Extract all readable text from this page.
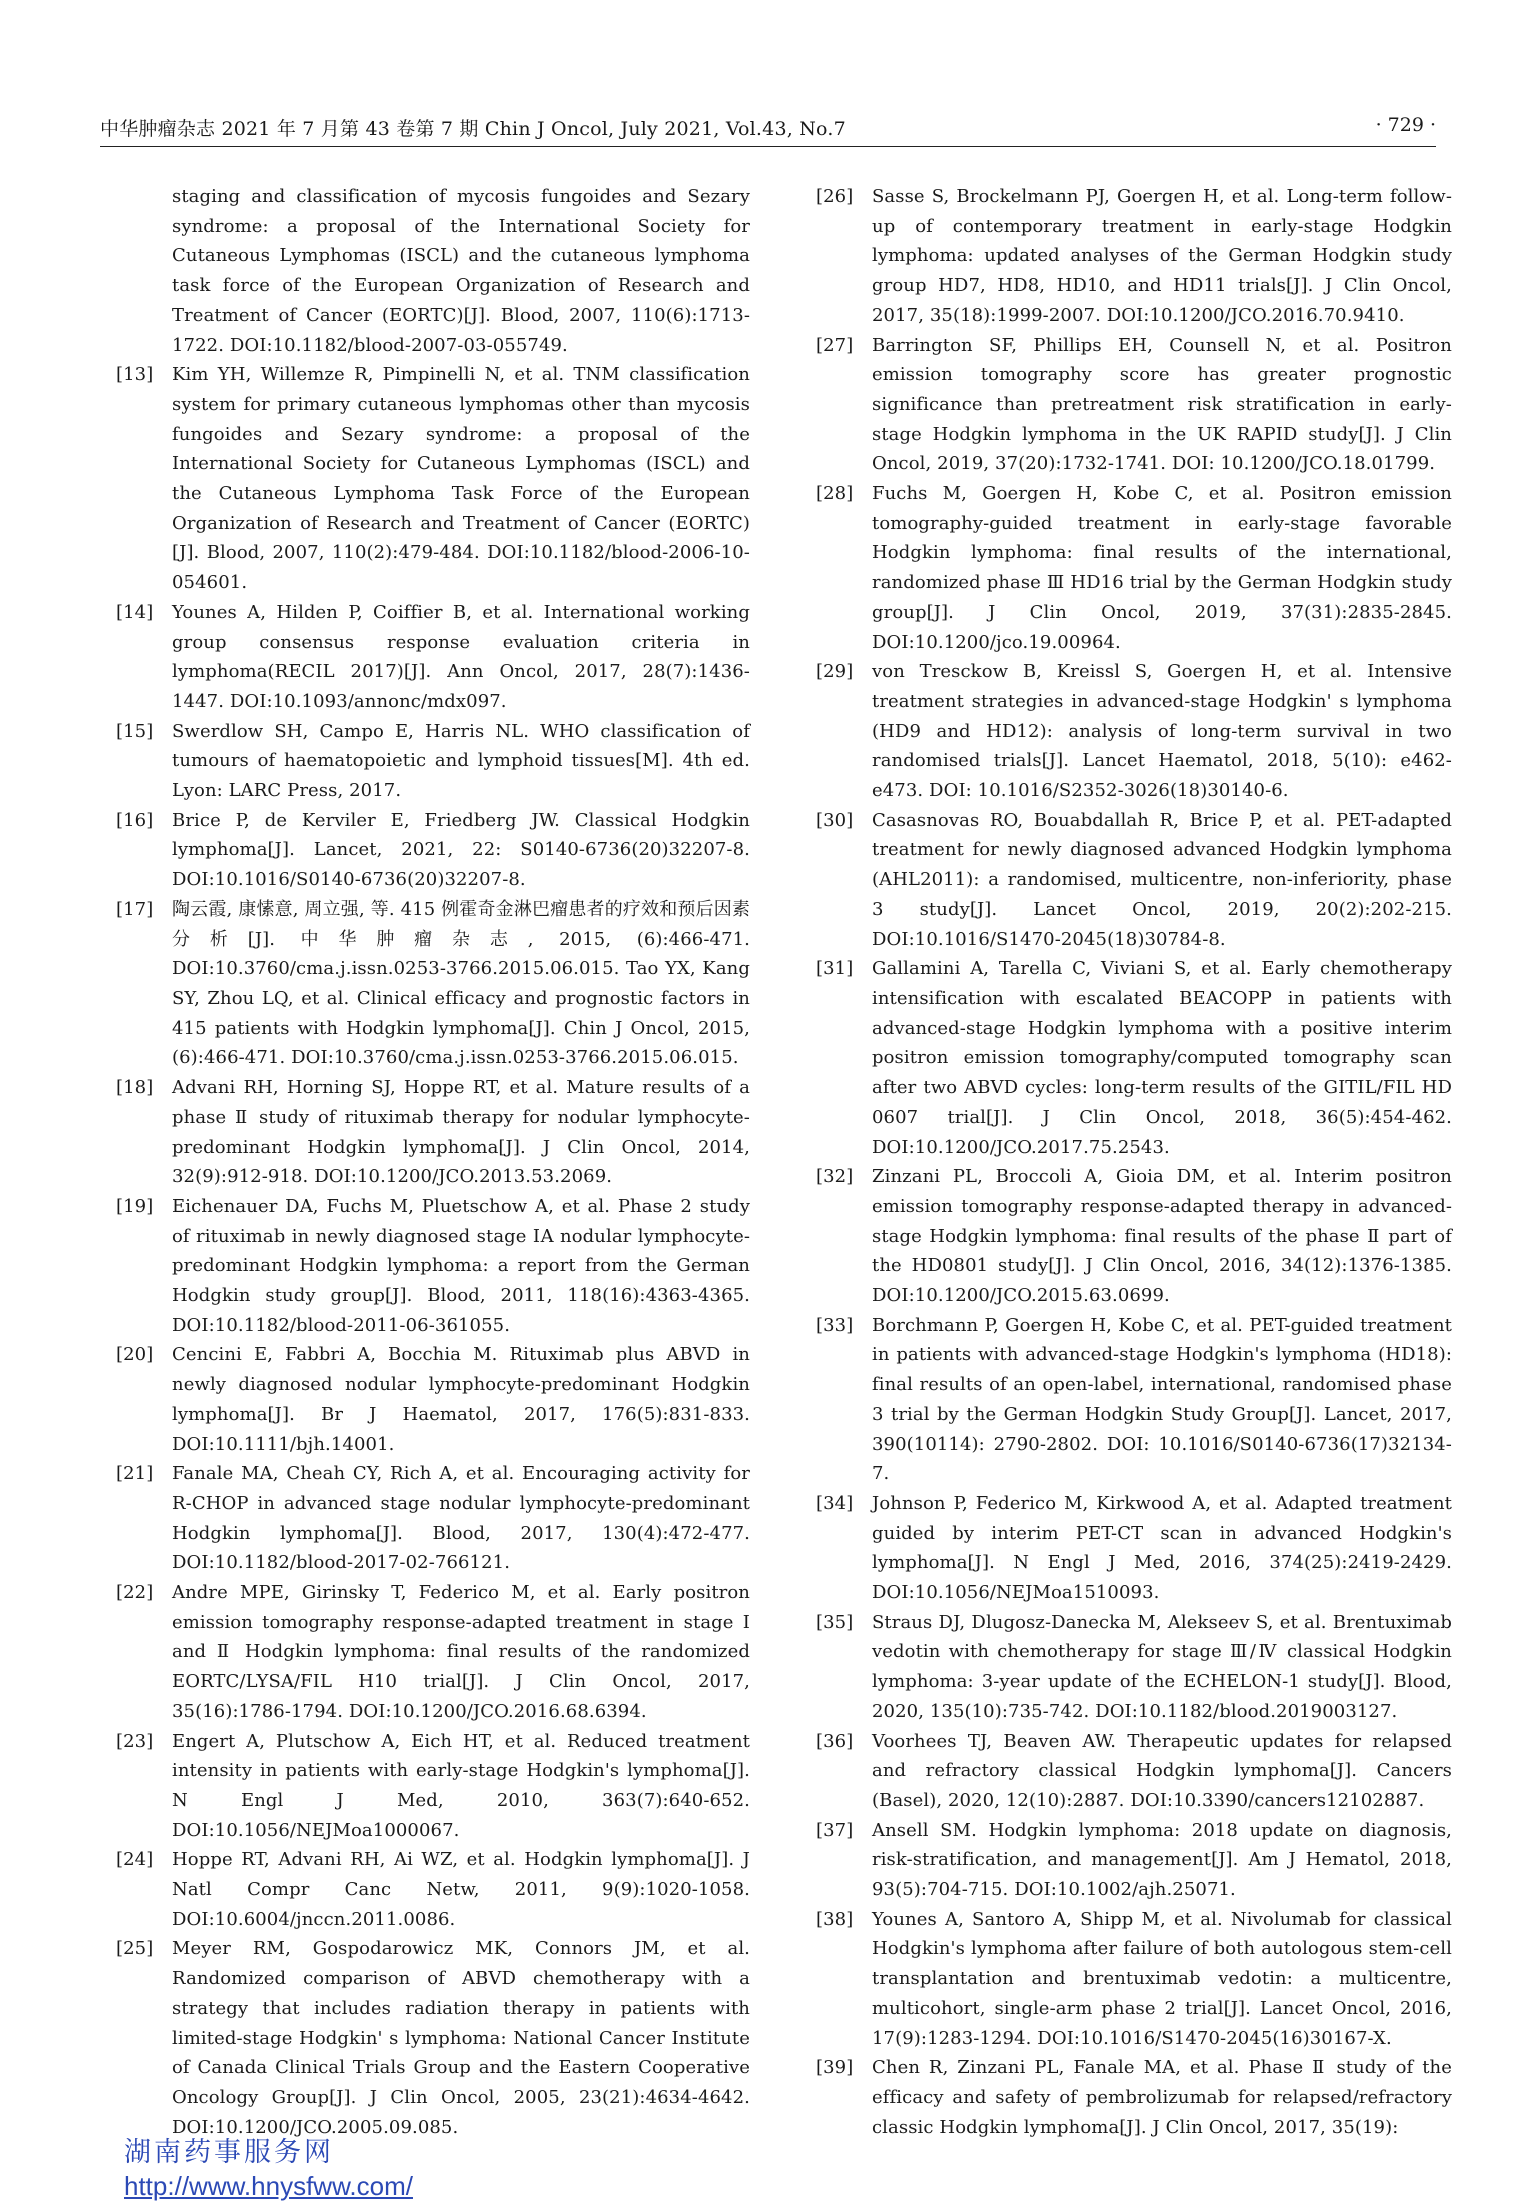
中华肿瘤杂志 2021 年 7 月第 43 卷第 7 期 Chin J Oncol, July 2021, Vol.43, No.7	· 729 ·

staging and classification of mycosis fungoides and Sezary syndrome: a proposal of the International Society for Cutaneous Lymphomas (ISCL) and the cutaneous lymphoma task force of the European Organization of Research and Treatment of Cancer (EORTC)[J]. Blood, 2007, 110(6):1713-1722. DOI:10.1182/blood-2007-03-055749.

[13] Kim YH, Willemze R, Pimpinelli N, et al. TNM classification system for primary cutaneous lymphomas other than mycosis fungoides and Sezary syndrome: a proposal of the International Society for Cutaneous Lymphomas (ISCL) and the Cutaneous Lymphoma Task Force of the European Organization of Research and Treatment of Cancer (EORTC)[J]. Blood, 2007, 110(2):479-484. DOI:10.1182/blood-2006-10-054601.

[14] Younes A, Hilden P, Coiffier B, et al. International working group consensus response evaluation criteria in lymphoma(RECIL 2017)[J]. Ann Oncol, 2017, 28(7):1436-1447. DOI:10.1093/annonc/mdx097.

[15] Swerdlow SH, Campo E, Harris NL. WHO classification of tumours of haematopoietic and lymphoid tissues[M]. 4th ed. Lyon: LARC Press, 2017.

[16] Brice P, de Kerviler E, Friedberg JW. Classical Hodgkin lymphoma[J]. Lancet, 2021, 22: S0140-6736(20)32207-8. DOI:10.1016/S0140-6736(20)32207-8.

[17] 陶云霞, 康愫意, 周立强, 等. 415 例霍奇金淋巴瘤患者的疗效和预后因素分析[J]. 中华肿瘤杂志, 2015, (6):466-471. DOI:10.3760/cma.j.issn.0253-3766.2015.06.015. Tao YX, Kang SY, Zhou LQ, et al. Clinical efficacy and prognostic factors in 415 patients with Hodgkin lymphoma[J]. Chin J Oncol, 2015, (6):466-471. DOI:10.3760/cma.j.issn.0253-3766.2015.06.015.

[18] Advani RH, Horning SJ, Hoppe RT, et al. Mature results of a phase Ⅱ study of rituximab therapy for nodular lymphocyte-predominant Hodgkin lymphoma[J]. J Clin Oncol, 2014, 32(9):912-918. DOI:10.1200/JCO.2013.53.2069.

[19] Eichenauer DA, Fuchs M, Pluetschow A, et al. Phase 2 study of rituximab in newly diagnosed stage ⅠA nodular lymphocyte-predominant Hodgkin lymphoma: a report from the German Hodgkin study group[J]. Blood, 2011, 118(16):4363-4365. DOI:10.1182/blood-2011-06-361055.

[20] Cencini E, Fabbri A, Bocchia M. Rituximab plus ABVD in newly diagnosed nodular lymphocyte-predominant Hodgkin lymphoma[J]. Br J Haematol, 2017, 176(5):831-833. DOI:10.1111/bjh.14001.

[21] Fanale MA, Cheah CY, Rich A, et al. Encouraging activity for R-CHOP in advanced stage nodular lymphocyte-predominant Hodgkin lymphoma[J]. Blood, 2017, 130(4):472-477. DOI:10.1182/blood-2017-02-766121.

[22] Andre MPE, Girinsky T, Federico M, et al. Early positron emission tomography response-adapted treatment in stage Ⅰ and Ⅱ Hodgkin lymphoma: final results of the randomized EORTC/LYSA/FIL H10 trial[J]. J Clin Oncol, 2017, 35(16):1786-1794. DOI:10.1200/JCO.2016.68.6394.

[23] Engert A, Plutschow A, Eich HT, et al. Reduced treatment intensity in patients with early-stage Hodgkin's lymphoma[J]. N Engl J Med, 2010, 363(7):640-652. DOI:10.1056/NEJMoa1000067.

[24] Hoppe RT, Advani RH, Ai WZ, et al. Hodgkin lymphoma[J]. J Natl Compr Canc Netw, 2011, 9(9):1020-1058. DOI:10.6004/jnccn.2011.0086.

[25] Meyer RM, Gospodarowicz MK, Connors JM, et al. Randomized comparison of ABVD chemotherapy with a strategy that includes radiation therapy in patients with limited-stage Hodgkin' s lymphoma: National Cancer Institute of Canada Clinical Trials Group and the Eastern Cooperative Oncology Group[J]. J Clin Oncol, 2005, 23(21):4634-4642. DOI:10.1200/JCO.2005.09.085.

[26] Sasse S, Brockelmann PJ, Goergen H, et al. Long-term follow-up of contemporary treatment in early-stage Hodgkin lymphoma: updated analyses of the German Hodgkin study group HD7, HD8, HD10, and HD11 trials[J]. J Clin Oncol, 2017, 35(18):1999-2007. DOI:10.1200/JCO.2016.70.9410.

[27] Barrington SF, Phillips EH, Counsell N, et al. Positron emission tomography score has greater prognostic significance than pretreatment risk stratification in early-stage Hodgkin lymphoma in the UK RAPID study[J]. J Clin Oncol, 2019, 37(20):1732-1741. DOI: 10.1200/JCO.18.01799.

[28] Fuchs M, Goergen H, Kobe C, et al. Positron emission tomography-guided treatment in early-stage favorable Hodgkin lymphoma: final results of the international, randomized phase Ⅲ HD16 trial by the German Hodgkin study group[J]. J Clin Oncol, 2019, 37(31):2835-2845. DOI:10.1200/jco.19.00964.

[29] von Tresckow B, Kreissl S, Goergen H, et al. Intensive treatment strategies in advanced-stage Hodgkin' s lymphoma (HD9 and HD12): analysis of long-term survival in two randomised trials[J]. Lancet Haematol, 2018, 5(10): e462-e473. DOI: 10.1016/S2352-3026(18)30140-6.

[30] Casasnovas RO, Bouabdallah R, Brice P, et al. PET-adapted treatment for newly diagnosed advanced Hodgkin lymphoma (AHL2011): a randomised, multicentre, non-inferiority, phase 3 study[J]. Lancet Oncol, 2019, 20(2):202-215. DOI:10.1016/S1470-2045(18)30784-8.

[31] Gallamini A, Tarella C, Viviani S, et al. Early chemotherapy intensification with escalated BEACOPP in patients with advanced-stage Hodgkin lymphoma with a positive interim positron emission tomography/computed tomography scan after two ABVD cycles: long-term results of the GITIL/FIL HD 0607 trial[J]. J Clin Oncol, 2018, 36(5):454-462. DOI:10.1200/JCO.2017.75.2543.

[32] Zinzani PL, Broccoli A, Gioia DM, et al. Interim positron emission tomography response-adapted therapy in advanced-stage Hodgkin lymphoma: final results of the phase Ⅱ part of the HD0801 study[J]. J Clin Oncol, 2016, 34(12):1376-1385. DOI:10.1200/JCO.2015.63.0699.

[33] Borchmann P, Goergen H, Kobe C, et al. PET-guided treatment in patients with advanced-stage Hodgkin's lymphoma (HD18): final results of an open-label, international, randomised phase 3 trial by the German Hodgkin Study Group[J]. Lancet, 2017, 390(10114): 2790-2802. DOI: 10.1016/S0140-6736(17)32134-7.

[34] Johnson P, Federico M, Kirkwood A, et al. Adapted treatment guided by interim PET-CT scan in advanced Hodgkin's lymphoma[J]. N Engl J Med, 2016, 374(25):2419-2429. DOI:10.1056/NEJMoa1510093.

[35] Straus DJ, Dlugosz-Danecka M, Alekseev S, et al. Brentuximab vedotin with chemotherapy for stage Ⅲ/Ⅳ classical Hodgkin lymphoma: 3-year update of the ECHELON-1 study[J]. Blood, 2020, 135(10):735-742. DOI:10.1182/blood.2019003127.

[36] Voorhees TJ, Beaven AW. Therapeutic updates for relapsed and refractory classical Hodgkin lymphoma[J]. Cancers (Basel), 2020, 12(10):2887. DOI:10.3390/cancers12102887.

[37] Ansell SM. Hodgkin lymphoma: 2018 update on diagnosis, risk-stratification, and management[J]. Am J Hematol, 2018, 93(5):704-715. DOI:10.1002/ajh.25071.

[38] Younes A, Santoro A, Shipp M, et al. Nivolumab for classical Hodgkin's lymphoma after failure of both autologous stem-cell transplantation and brentuximab vedotin: a multicentre, multicohort, single-arm phase 2 trial[J]. Lancet Oncol, 2016, 17(9):1283-1294. DOI:10.1016/S1470-2045(16)30167-X.

[39] Chen R, Zinzani PL, Fanale MA, et al. Phase Ⅱ study of the efficacy and safety of pembrolizumab for relapsed/refractory classic Hodgkin lymphoma[J]. J Clin Oncol, 2017, 35(19):

湖南药事服务网
http://www.hnysfww.com/
